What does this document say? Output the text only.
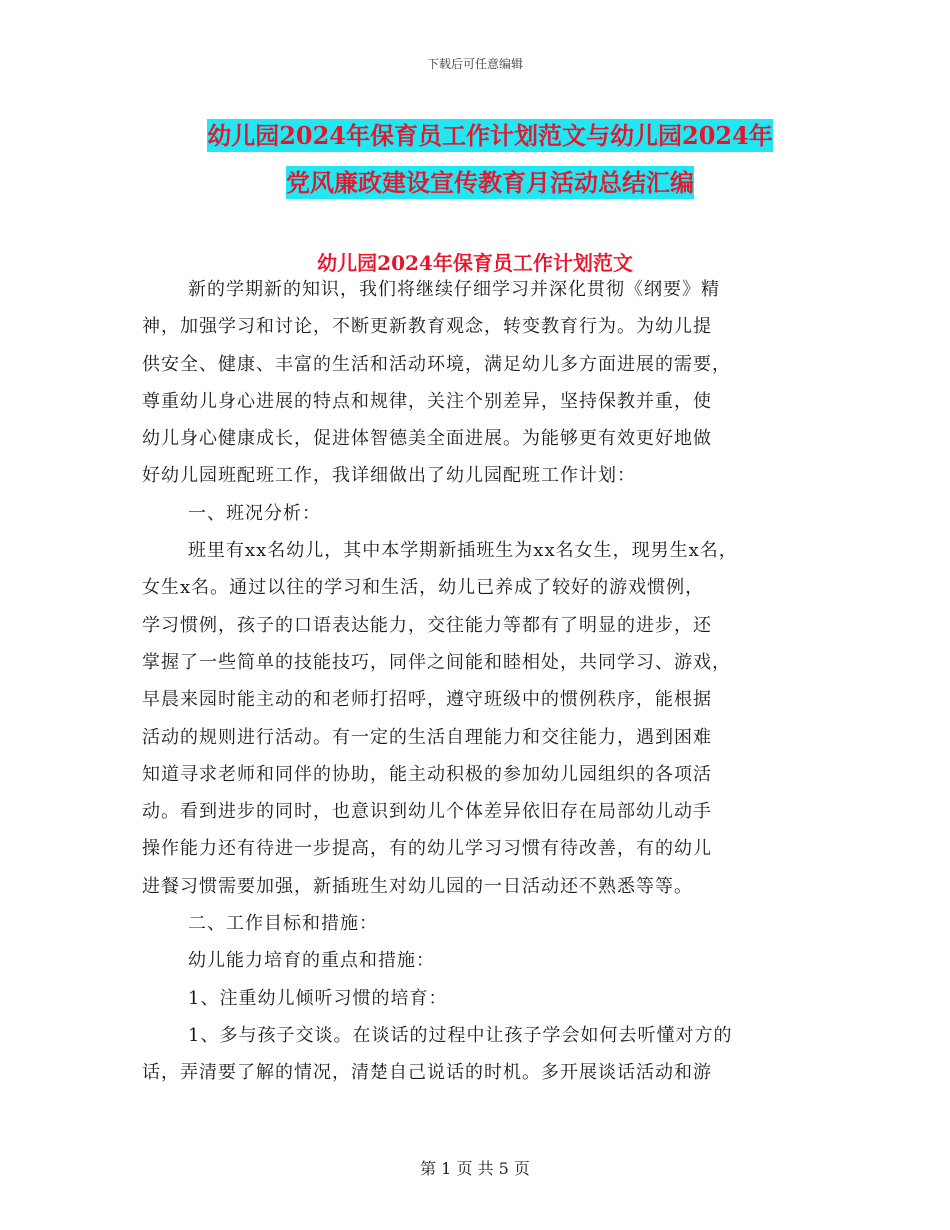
下载后可任意编辑
幼儿园2024年保育员工作计划范文与幼儿园2024年
党风廉政建设宣传教育月活动总结汇编
幼儿园2024年保育员工作计划范文
新的学期新的知识，我们将继续仔细学习并深化贯彻《纲要》精
神，加强学习和讨论，不断更新教育观念，转变教育行为。为幼儿提
供安全、健康、丰富的生活和活动环境，满足幼儿多方面进展的需要，
尊重幼儿身心进展的特点和规律，关注个别差异，坚持保教并重，使
幼儿身心健康成长，促进体智德美全面进展。为能够更有效更好地做
好幼儿园班配班工作，我详细做出了幼儿园配班工作计划：
一、班况分析：
班里有xx名幼儿，其中本学期新插班生为xx名女生，现男生x名，
女生x名。通过以往的学习和生活，幼儿已养成了较好的游戏惯例，
学习惯例，孩子的口语表达能力，交往能力等都有了明显的进步，还
掌握了一些简单的技能技巧，同伴之间能和睦相处，共同学习、游戏，
早晨来园时能主动的和老师打招呼，遵守班级中的惯例秩序，能根据
活动的规则进行活动。有一定的生活自理能力和交往能力，遇到困难
知道寻求老师和同伴的协助，能主动积极的参加幼儿园组织的各项活
动。看到进步的同时，也意识到幼儿个体差异依旧存在局部幼儿动手
操作能力还有待进一步提高，有的幼儿学习习惯有待改善，有的幼儿
进餐习惯需要加强，新插班生对幼儿园的一日活动还不熟悉等等。
二、工作目标和措施：
幼儿能力培育的重点和措施：
1、注重幼儿倾听习惯的培育：
1、多与孩子交谈。在谈话的过程中让孩子学会如何去听懂对方的
话，弄清要了解的情况，清楚自己说话的时机。多开展谈话活动和游
第 1 页 共 5 页
